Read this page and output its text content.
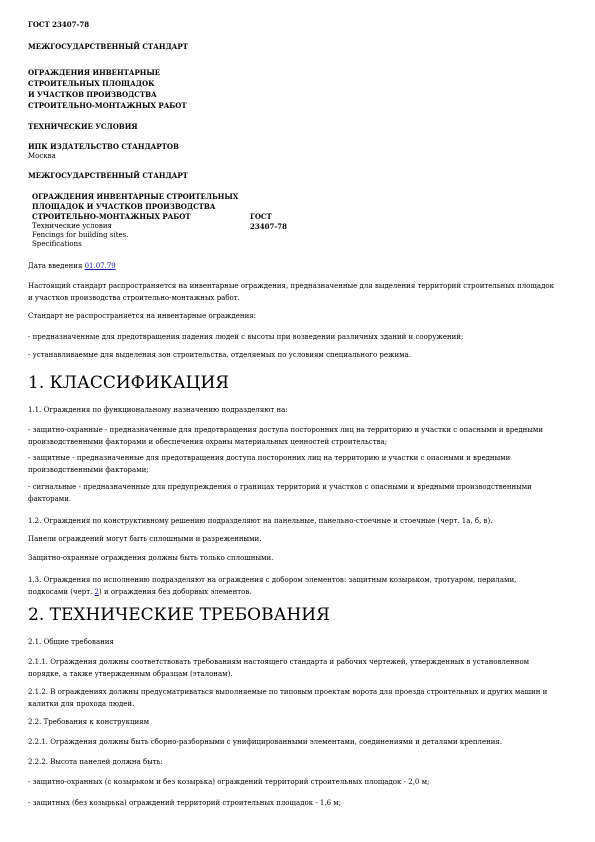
ГОСТ 23407-78
МЕЖГОСУДАРСТВЕННЫЙ СТАНДАРТ
ОГРАЖДЕНИЯ ИНВЕНТАРНЫЕ
СТРОИТЕЛЬНЫХ ПЛОЩАДОК
И УЧАСТКОВ ПРОИЗВОДСТВА
СТРОИТЕЛЬНО-МОНТАЖНЫХ РАБОТ
ТЕХНИЧЕСКИЕ УСЛОВИЯ
ИПК ИЗДАТЕЛЬСТВО СТАНДАРТОВ
Москва
МЕЖГОСУДАРСТВЕННЫЙ СТАНДАРТ
ОГРАЖДЕНИЯ ИНВЕНТАРНЫЕ СТРОИТЕЛЬНЫХ
ПЛОЩАДОК И УЧАСТКОВ ПРОИЗВОДСТВА
СТРОИТЕЛЬНО-МОНТАЖНЫХ РАБОТ
Технические условия
Fencings for building sites.
Specifications
ГОСТ
23407-78
Дата введения 01.07.79
Настоящий стандарт распространяется на инвентарные ограждения, предназначенные для выделения территорий строительных площадок и участков производства строительно-монтажных работ.
Стандарт не распространяется на инвентарные ограждения:
- предназначенные для предотвращения падения людей с высоты при возведении различных зданий и сооружений;
- устанавливаемые для выделения зон строительства, отделяемых по условиям специального режима.
1. КЛАССИФИКАЦИЯ
1.1. Ограждения по функциональному назначению подразделяют на:
- защитно-охранные - предназначенные для предотвращения доступа посторонних лиц на территорию и участки с опасными и вредными производственными факторами и обеспечения охраны материальных ценностей строительства;
- защитные - предназначенные для предотвращения доступа посторонних лиц на территорию и участки с опасными и вредными производственными факторами;
- сигнальные - предназначенные для предупреждения о границах территорий и участков с опасными и вредными производственными факторами.
1.2. Ограждения по конструктивному решению подразделяют на панельные, панельно-стоечные и стоечные (черт. 1а, б, в).
Панели ограждений могут быть сплошными и разреженными.
Защитно-охранные ограждения должны быть только сплошными.
1.3. Ограждения по исполнению подразделяют на ограждения с добором элементов: защитным козырьком, тротуаром, перилами, подкосами (черт. 2) и ограждения без доборных элементов.
2. ТЕХНИЧЕСКИЕ ТРЕБОВАНИЯ
2.1. Общие требования
2.1.1. Ограждения должны соответствовать требованиям настоящего стандарта и рабочих чертежей, утвержденных в установленном порядке, а также утвержденным образцам (эталонам).
2.1.2. В ограждениях должны предусматриваться выполняемые по типовым проектам ворота для проезда строительных и других машин и калитки для прохода людей.
2.2. Требования к конструкциям
2.2.1. Ограждения должны быть сборно-разборными с унифицированными элементами, соединениями и деталями крепления.
2.2.2. Высота панелей должна быть:
- защитно-охранных (с козырьком и без козырька) ограждений территорий строительных площадок - 2,0 м;
- защитных (без козырька) ограждений территорий строительных площадок - 1,6 м;
